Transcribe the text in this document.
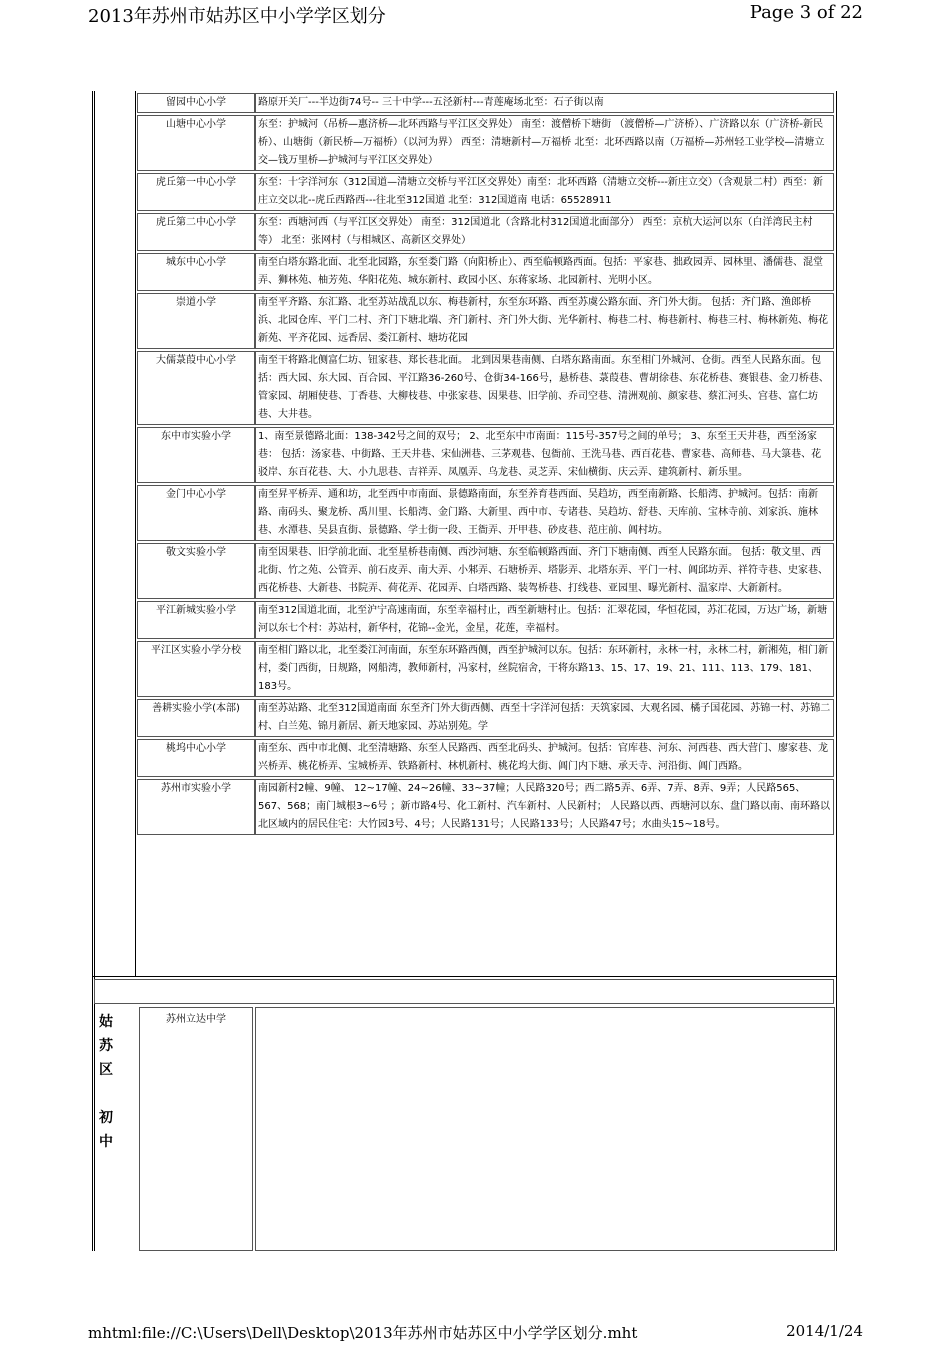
2013年苏州市姑苏区中小学学区划分	Page 3 of 22
留园中心小学	路原开关厂---半边街74号-- 三十中学---五泾新村---青莲庵场北至：石子街以南
山塘中心小学	东至：护城河（吊桥—惠济桥—北环西路与平江区交界处） 南至：渡僧桥下塘街 （渡僧桥—广济桥）、广济路以东（广济桥-新民桥）、山塘街（新民桥—万福桥）（以河为界） 西至：清塘新村—万福桥 北至：北环西路以南（万福桥—苏州轻工业学校—清塘立交—钱万里桥—护城河与平江区交界处）
虎丘第一中心小学	东至：十字洋河东（312国道—清塘立交桥与平江区交界处）南至：北环西路（清塘立交桥---新庄立交）（含观景二村）西至：新庄立交以北--虎丘西路西---往北至312国道 北至：312国道南 电话：65528911
虎丘第二中心小学	东至：西塘河西（与平江区交界处） 南至：312国道北（含路北村312国道北面部分） 西至：京杭大运河以东（白洋湾民主村等） 北至：张网村（与相城区、高新区交界处）
城东中心小学	南至白塔东路北面、北至北园路，东至娄门路（向阳桥止）、西至临顿路西面。包括：平家巷、拙政园弄、园林里、潘儒巷、混堂弄、狮林苑、柚芳苑、华阳花苑、城东新村、政园小区、东蒋家场、北园新村、光明小区。
崇道小学	南至平齐路、东汇路、北至苏站战乱以东、梅巷新村，东至东环路、西至苏虞公路东面、齐门外大街。 包括：齐门路、渔郎桥浜、北园仓库、平门二村、齐门下塘北端、齐门新村、齐门外大街、光华新村、梅巷二村、梅巷新村、梅巷三村、梅林新苑、梅花新苑、平齐花园、远香居、娄江新村、塘坊花园
大儒菉葭中心小学	南至干将路北侧富仁坊、钮家巷、郑长巷北面。 北到因果巷南侧、白塔东路南面。东至相门外城河、仓街。西至人民路东面。包括：西大园、东大园、百合园、平江路36-260号、仓街34-166号，悬桥巷、菉葭巷、曹胡徐巷、东花桥巷、赛银巷、金刀桥巷、管家园、胡厢使巷、丁香巷、大柳枝巷、中张家巷、因果巷、旧学前、乔司空巷、清洲观前、颜家巷、蔡汇河头、宫巷、富仁坊巷、大井巷。
东中市实验小学	1、南至景德路北面：138-342号之间的双号； 2、北至东中市南面：115号-357号之间的单号； 3、东至王天井巷，西至汤家巷： 包括：汤家巷、中街路、王天井巷、宋仙洲巷、三茅观巷、包衙前、王洗马巷、西百花巷、曹家巷、高师巷、马大箓巷、花驳岸、东百花巷、大、小九思巷、吉祥弄、凤凰弄、乌龙巷、灵芝弄、宋仙横街、庆云弄、建筑新村、新乐里。
金门中心小学	南至昇平桥弄、通和坊，北至西中市南面、景德路南面，东至养育巷西面、吴趋坊，西至南新路、长船湾、护城河。包括：南新路、南码头、聚龙桥、禹川里、长船湾、金门路、大新里、西中市、专诸巷、吴趋坊、舒巷、天库前、宝林寺前、刘家浜、施林巷、水潭巷、吴县直街、景德路、学士街一段、王衙弄、开甲巷、砂皮巷、范庄前、阊村坊。
敬文实验小学	南至因果巷、旧学前北面、北至星桥巷南侧、西沙河塘、东至临顿路西面、齐门下塘南侧、西至人民路东面。 包括：敬文里、西北街、竹之苑、公管弄、前石皮弄、南大弄、小邾弄、石塘桥弄、塔影弄、北塔东弄、平门一村、阊邱坊弄、祥符寺巷、史家巷、西花桥巷、大新巷、书院弄、荷花弄、花园弄、白塔西路、装驾桥巷、打线巷、亚园里、曝光新村、温家岸、大新新村。
平江新城实验小学	南至312国道北面，北至沪宁高速南面，东至幸福村止，西至新塘村止。包括：汇翠花园，华恒花园，苏汇花园，万达广场，新塘河以东七个村：苏站村，新华村，花锦--金光，金星，花莲，幸福村。
平江区实验小学分校	南至相门路以北，北至娄江河南面，东至东环路西侧，西至护城河以东。包括：东环新村，永林一村，永林二村，新湘苑，相门新村，娄门西街，日规路，网船湾，教师新村，冯家村，丝院宿舍，干将东路13、15、17、19、21、111、113、179、181、183号。
善耕实验小学(本部)	南至苏站路、北至312国道南面 东至齐门外大街西侧、西至十字洋河包括：天筑家园、大观名园、橘子国花园、苏锦一村、苏锦二村、白兰苑、锦月新居、新天地家园、苏站别苑。学
桃坞中心小学	南至东、西中市北侧、北至清塘路、东至人民路西、西至北码头、护城河。包括：官库巷、河东、河西巷、西大营门、廖家巷、龙兴桥弄、桃花桥弄、宝城桥弄、铁路新村、林机新村、桃花坞大街、阊门内下塘、承天寺、河沿街、阊门西路。
苏州市实验小学	南园新村2幢、9幢、 12~17幢、24~26幢、33~37幢；人民路320号；西二路5弄、6弄、7弄、8弄、9弄；人民路565、567、568；南门城根3~6号 ；新市路4号、化工新村、汽车新村、人民新村； 人民路以西、西塘河以东、盘门路以南、南环路以北区域内的居民住宅：大竹园3号、4号；人民路131号；人民路133号；人民路47号；水曲头15~18号。
姑
苏
区

初
中
苏州立达中学
mhtml:file://C:\Users\Dell\Desktop\2013年苏州市姑苏区中小学学区划分.mht	2014/1/24
